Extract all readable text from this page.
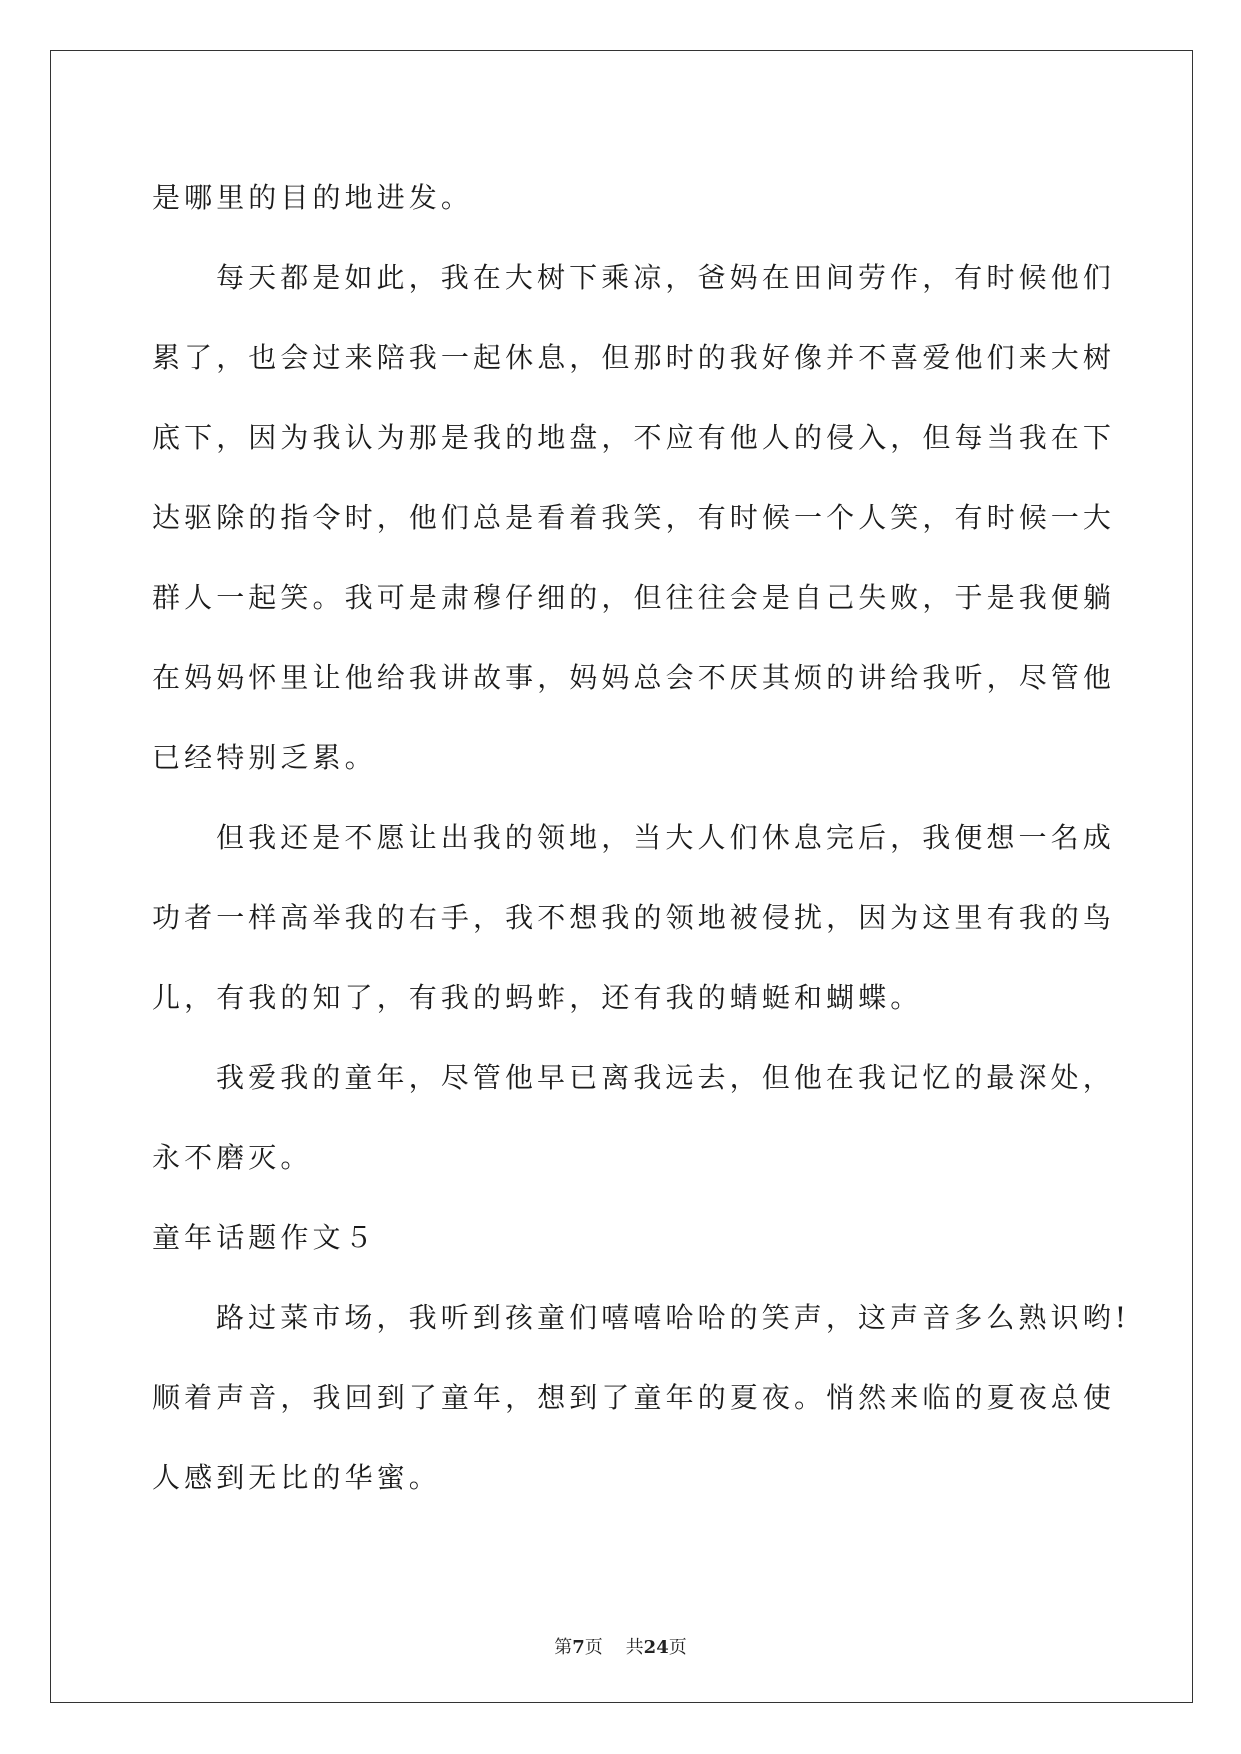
是哪里的目的地进发。
每天都是如此，我在大树下乘凉，爸妈在田间劳作，有时候他们
累了，也会过来陪我一起休息，但那时的我好像并不喜爱他们来大树
底下，因为我认为那是我的地盘，不应有他人的侵入，但每当我在下
达驱除的指令时，他们总是看着我笑，有时候一个人笑，有时候一大
群人一起笑。我可是肃穆仔细的，但往往会是自己失败，于是我便躺
在妈妈怀里让他给我讲故事，妈妈总会不厌其烦的讲给我听，尽管他
已经特别乏累。
但我还是不愿让出我的领地，当大人们休息完后，我便想一名成
功者一样高举我的右手，我不想我的领地被侵扰，因为这里有我的鸟
儿，有我的知了，有我的蚂蚱，还有我的蜻蜓和蝴蝶。
我爱我的童年，尽管他早已离我远去，但他在我记忆的最深处，
永不磨灭。
童年话题作文５
路过菜市场，我听到孩童们嘻嘻哈哈的笑声，这声音多么熟识哟!
顺着声音，我回到了童年，想到了童年的夏夜。悄然来临的夏夜总使
人感到无比的华蜜。
第7页 共24页
